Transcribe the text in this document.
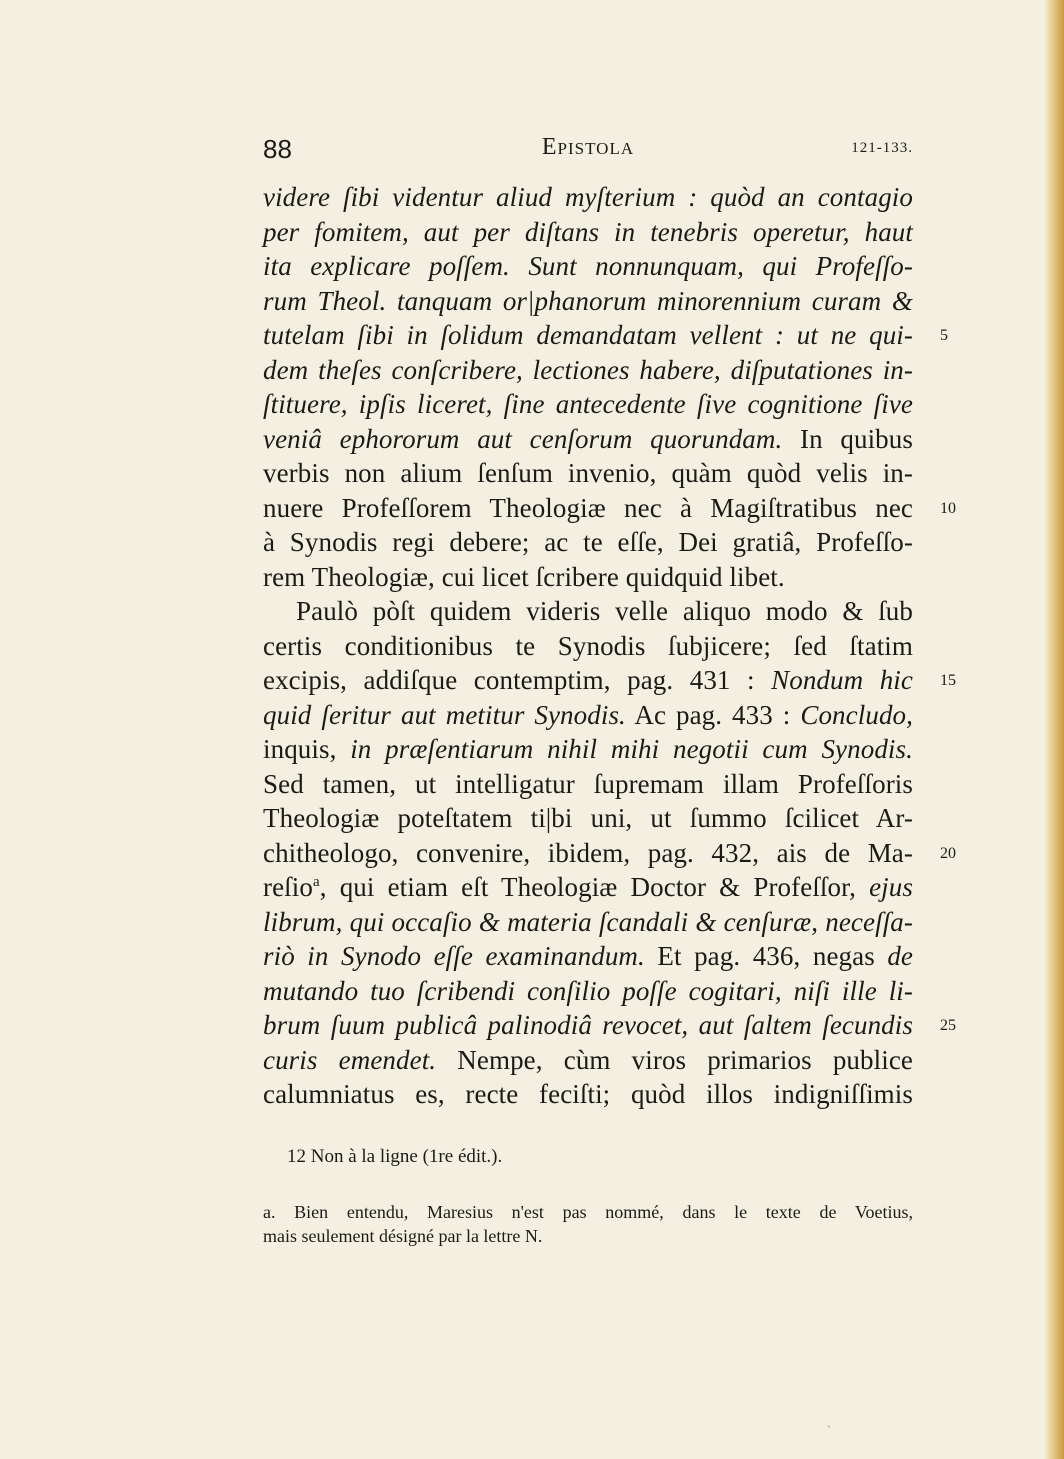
88	Epistola	121-133.
videre ſibi videntur aliud myſterium : quòd an contagio
per fomitem, aut per diſtans in tenebris operetur, haut
ita explicare poſſem. Sunt nonnunquam, qui Profeſſo-
rum Theol. tanquam or|phanorum minorennium curam &
tutelam ſibi in ſolidum demandatam vellent : ut ne qui-
dem theſes conſcribere, lectiones habere, diſputationes in-
ſtituere, ipſis liceret, ſine antecedente ſive cognitione ſive
veniâ ephororum aut cenſorum quorundam. In quibus
verbis non alium ſenſum invenio, quàm quòd velis in-
nuere Profeſſorem Theologiæ nec à Magiſtratibus nec
à Synodis regi debere; ac te eſſe, Dei gratiâ, Profeſſo-
rem Theologiæ, cui licet ſcribere quidquid libet.
Paulò pòſt quidem videris velle aliquo modo & ſub
certis conditionibus te Synodis ſubjicere; ſed ſtatim
excipis, addiſque contemptim, pag. 431 : Nondum hic
quid ſeritur aut metitur Synodis. Ac pag. 433 : Concludo,
inquis, in præſentiarum nihil mihi negotii cum Synodis.
Sed tamen, ut intelligatur ſupremam illam Profeſſoris
Theologiæ poteſtatem ti|bi uni, ut ſummo ſcilicet Ar-
chitheologo, convenire, ibidem, pag. 432, ais de Ma-
reſio$^a$, qui etiam eſt Theologiæ Doctor & Profeſſor, ejus
librum, qui occaſio & materia ſcandali & cenſuræ, neceſſa-
riò in Synodo eſſe examinandum. Et pag. 436, negas de
mutando tuo ſcribendi conſilio poſſe cogitari, niſi ille li-
brum ſuum publicâ palinodiâ revocet, aut ſaltem ſecundis
curis emendet. Nempe, cùm viros primarios publice
calumniatus es, recte feciſti; quòd illos indigniſſimis
5
10
15
20
25
12 Non à la ligne (1re édit.).
a. Bien entendu, Maresius n'est pas nommé, dans le texte de Voetius,
mais seulement désigné par la lettre N.
ˎ
